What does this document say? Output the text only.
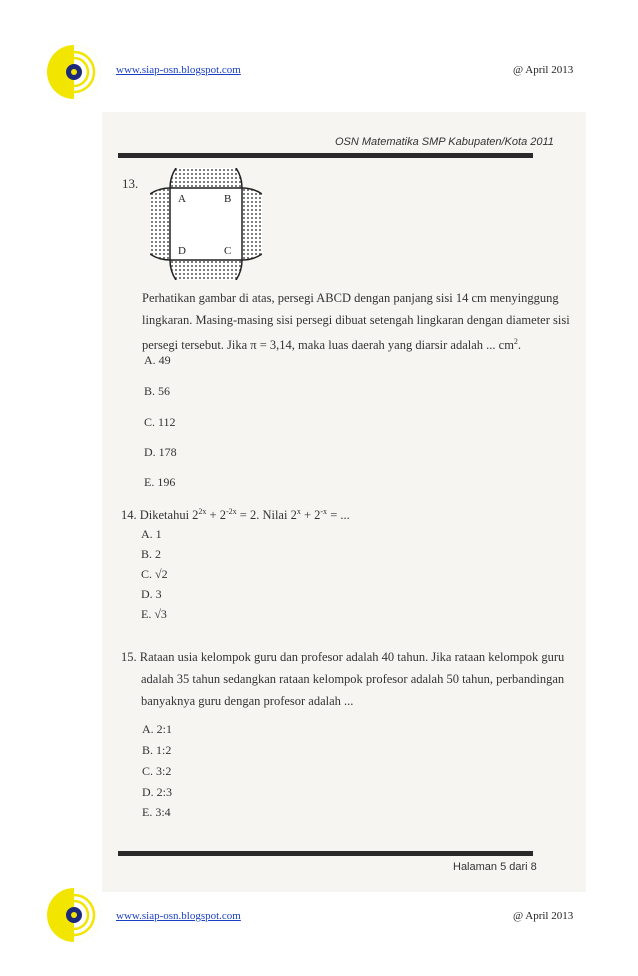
www.siap-osn.blogspot.com	@ April 2013
OSN Matematika SMP Kabupaten/Kota 2011
13.
A	B
C
D
Perhatikan gambar di atas, persegi ABCD dengan panjang sisi 14 cm menyinggung
lingkaran. Masing-masing sisi persegi dibuat setengah lingkaran dengan diameter sisi
persegi tersebut. Jika π = 3,14, maka luas daerah yang diarsir adalah ... $cm^2$.
A. 49
B. 56
C. 112
D. 178
E. 196
14. Diketahui $2^{2x} + 2^{-2x} = 2$. Nilai $2^x + 2^{-x}$ = ...
A. 1
B. 2
C. √2
D. 3
E. √3
15. Rataan usia kelompok guru dan profesor adalah 40 tahun. Jika rataan kelompok guru
adalah 35 tahun sedangkan rataan kelompok profesor adalah 50 tahun, perbandingan
banyaknya guru dengan profesor adalah ...
A. 2:1
B. 1:2
C. 3:2
D. 2:3
E. 3:4
Halaman 5 dari 8
www.siap-osn.blogspot.com	@ April 2013
